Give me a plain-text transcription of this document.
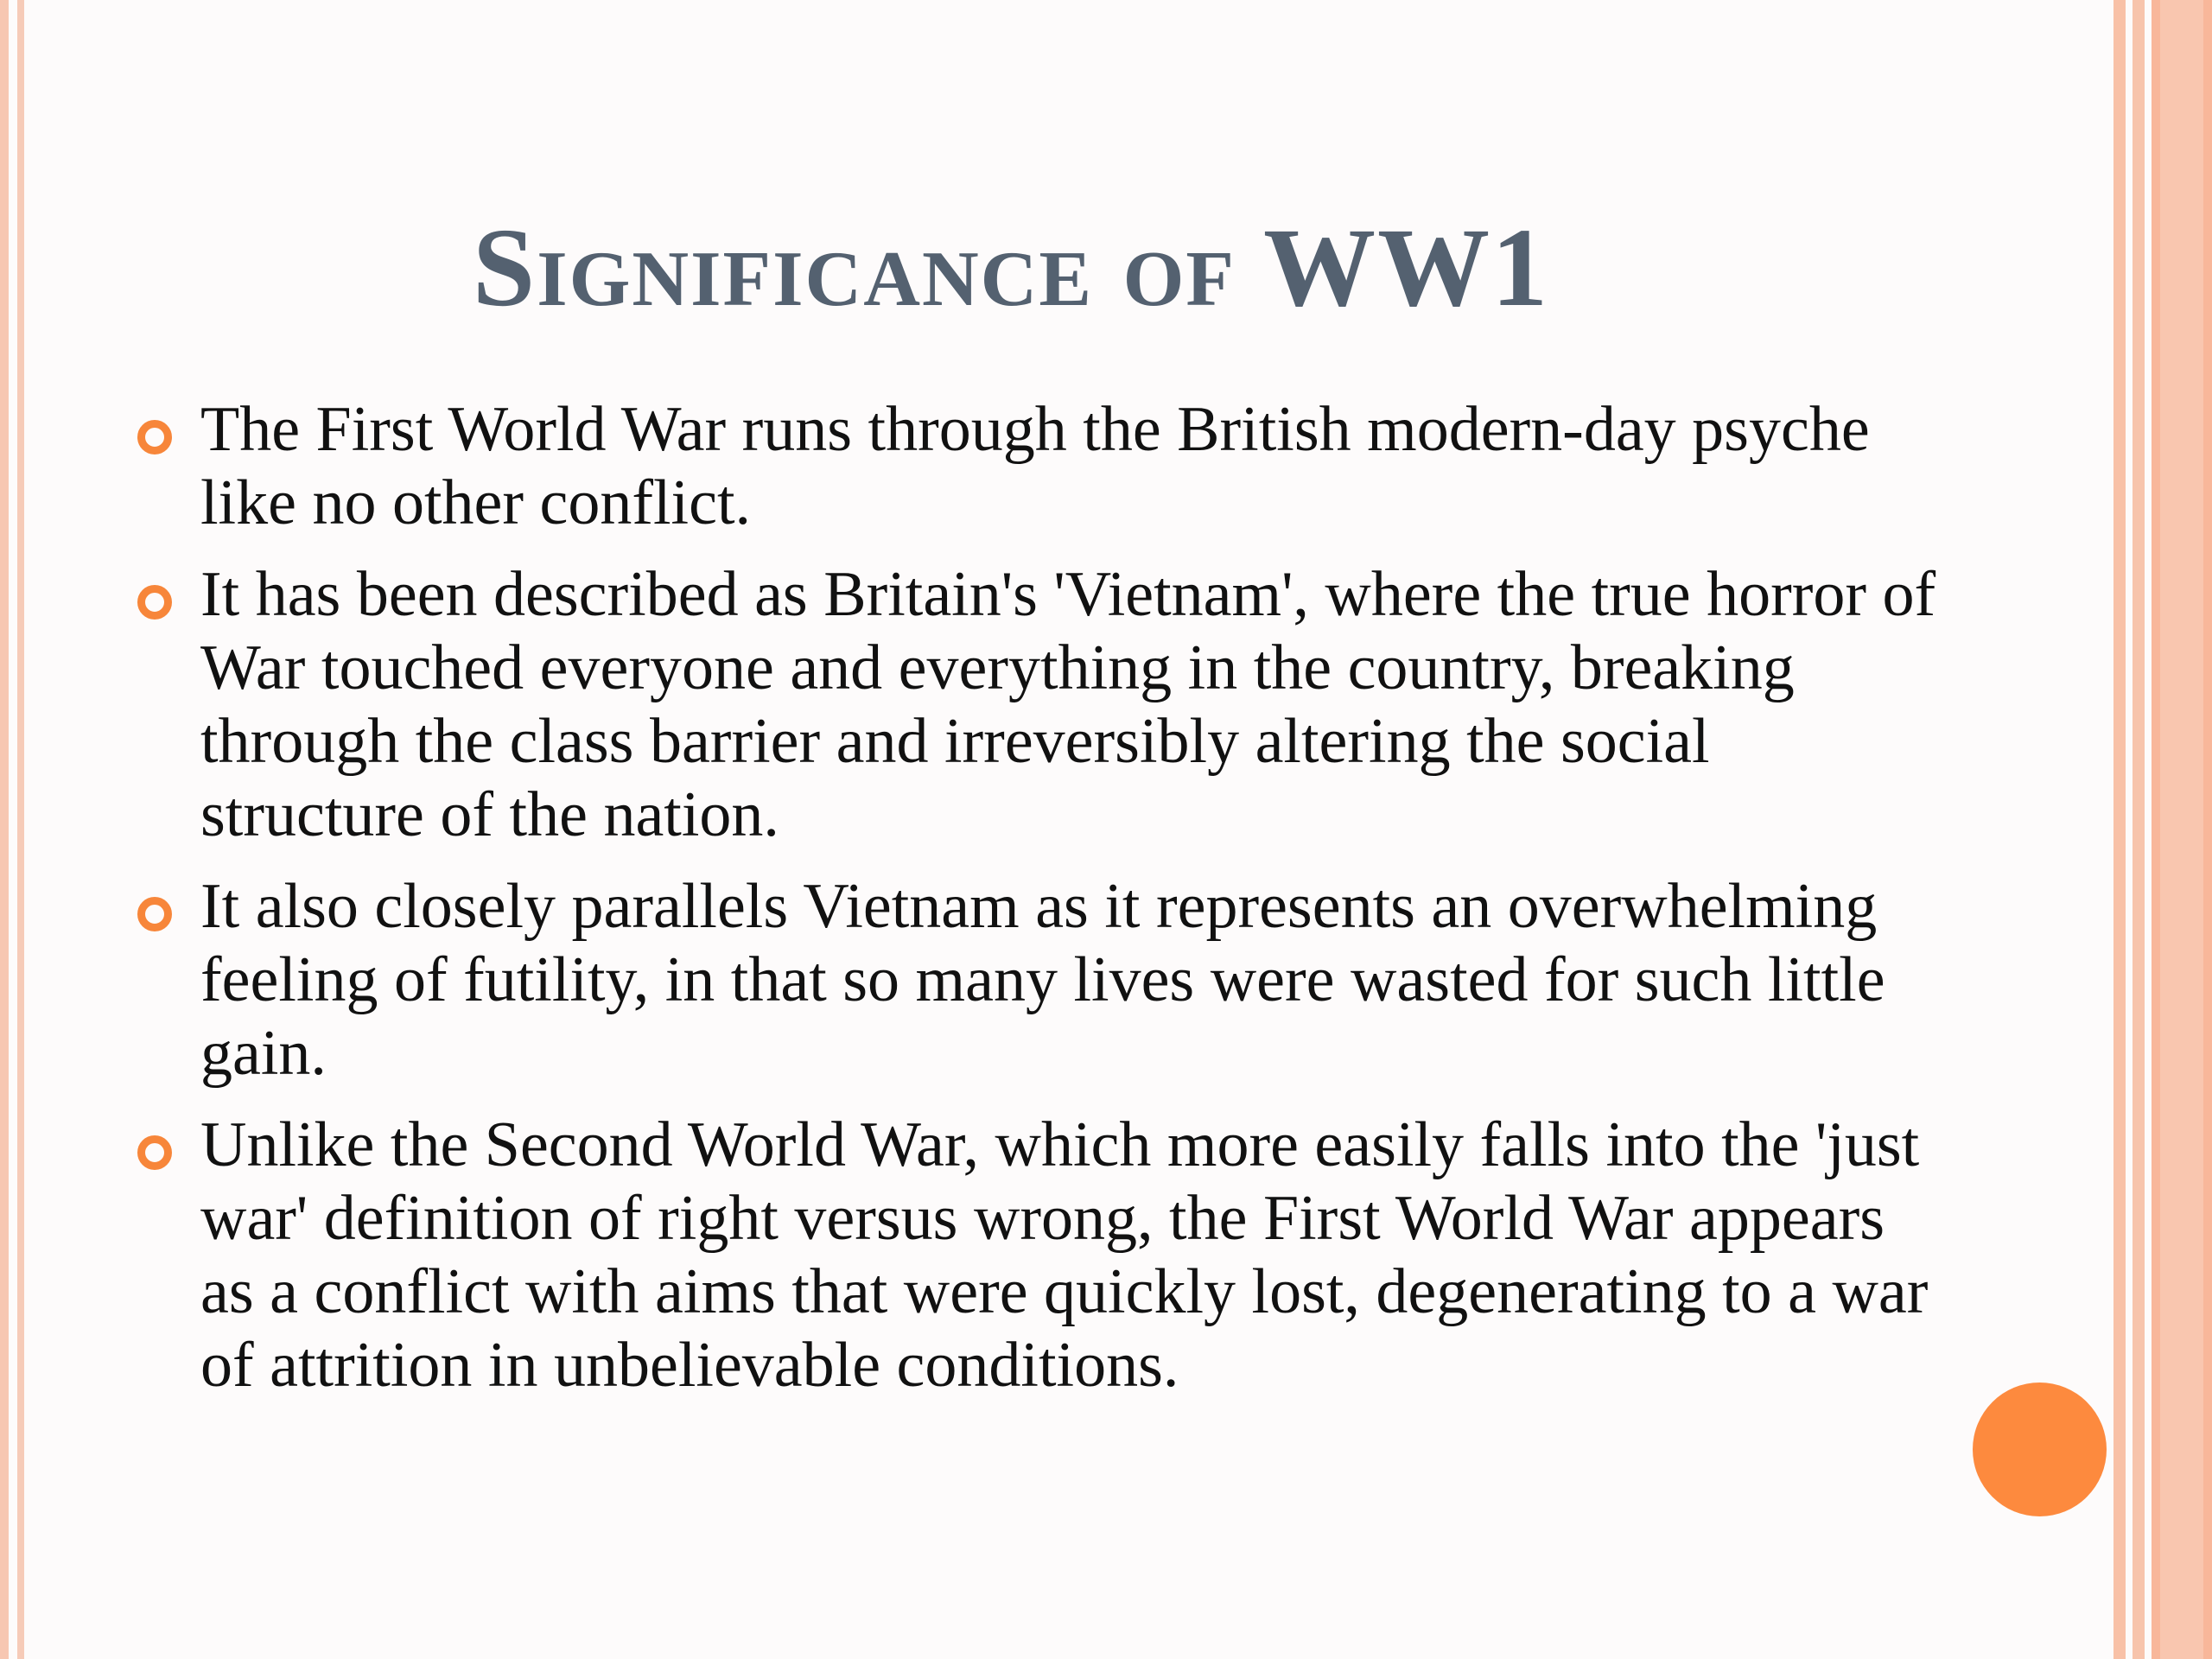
Significance of WW1
The First World War runs through the British modern-day psyche like no other conflict.
It has been described as Britain's 'Vietnam', where the true horror of War touched everyone and everything in the country, breaking through the class barrier and irreversibly altering the social structure of the nation.
It also closely parallels Vietnam as it represents an overwhelming feeling of futility, in that so many lives were wasted for such little gain.
Unlike the Second World War, which more easily falls into the 'just war' definition of right versus wrong, the First World War appears as a conflict with aims that were quickly lost, degenerating to a war of attrition in unbelievable conditions.
